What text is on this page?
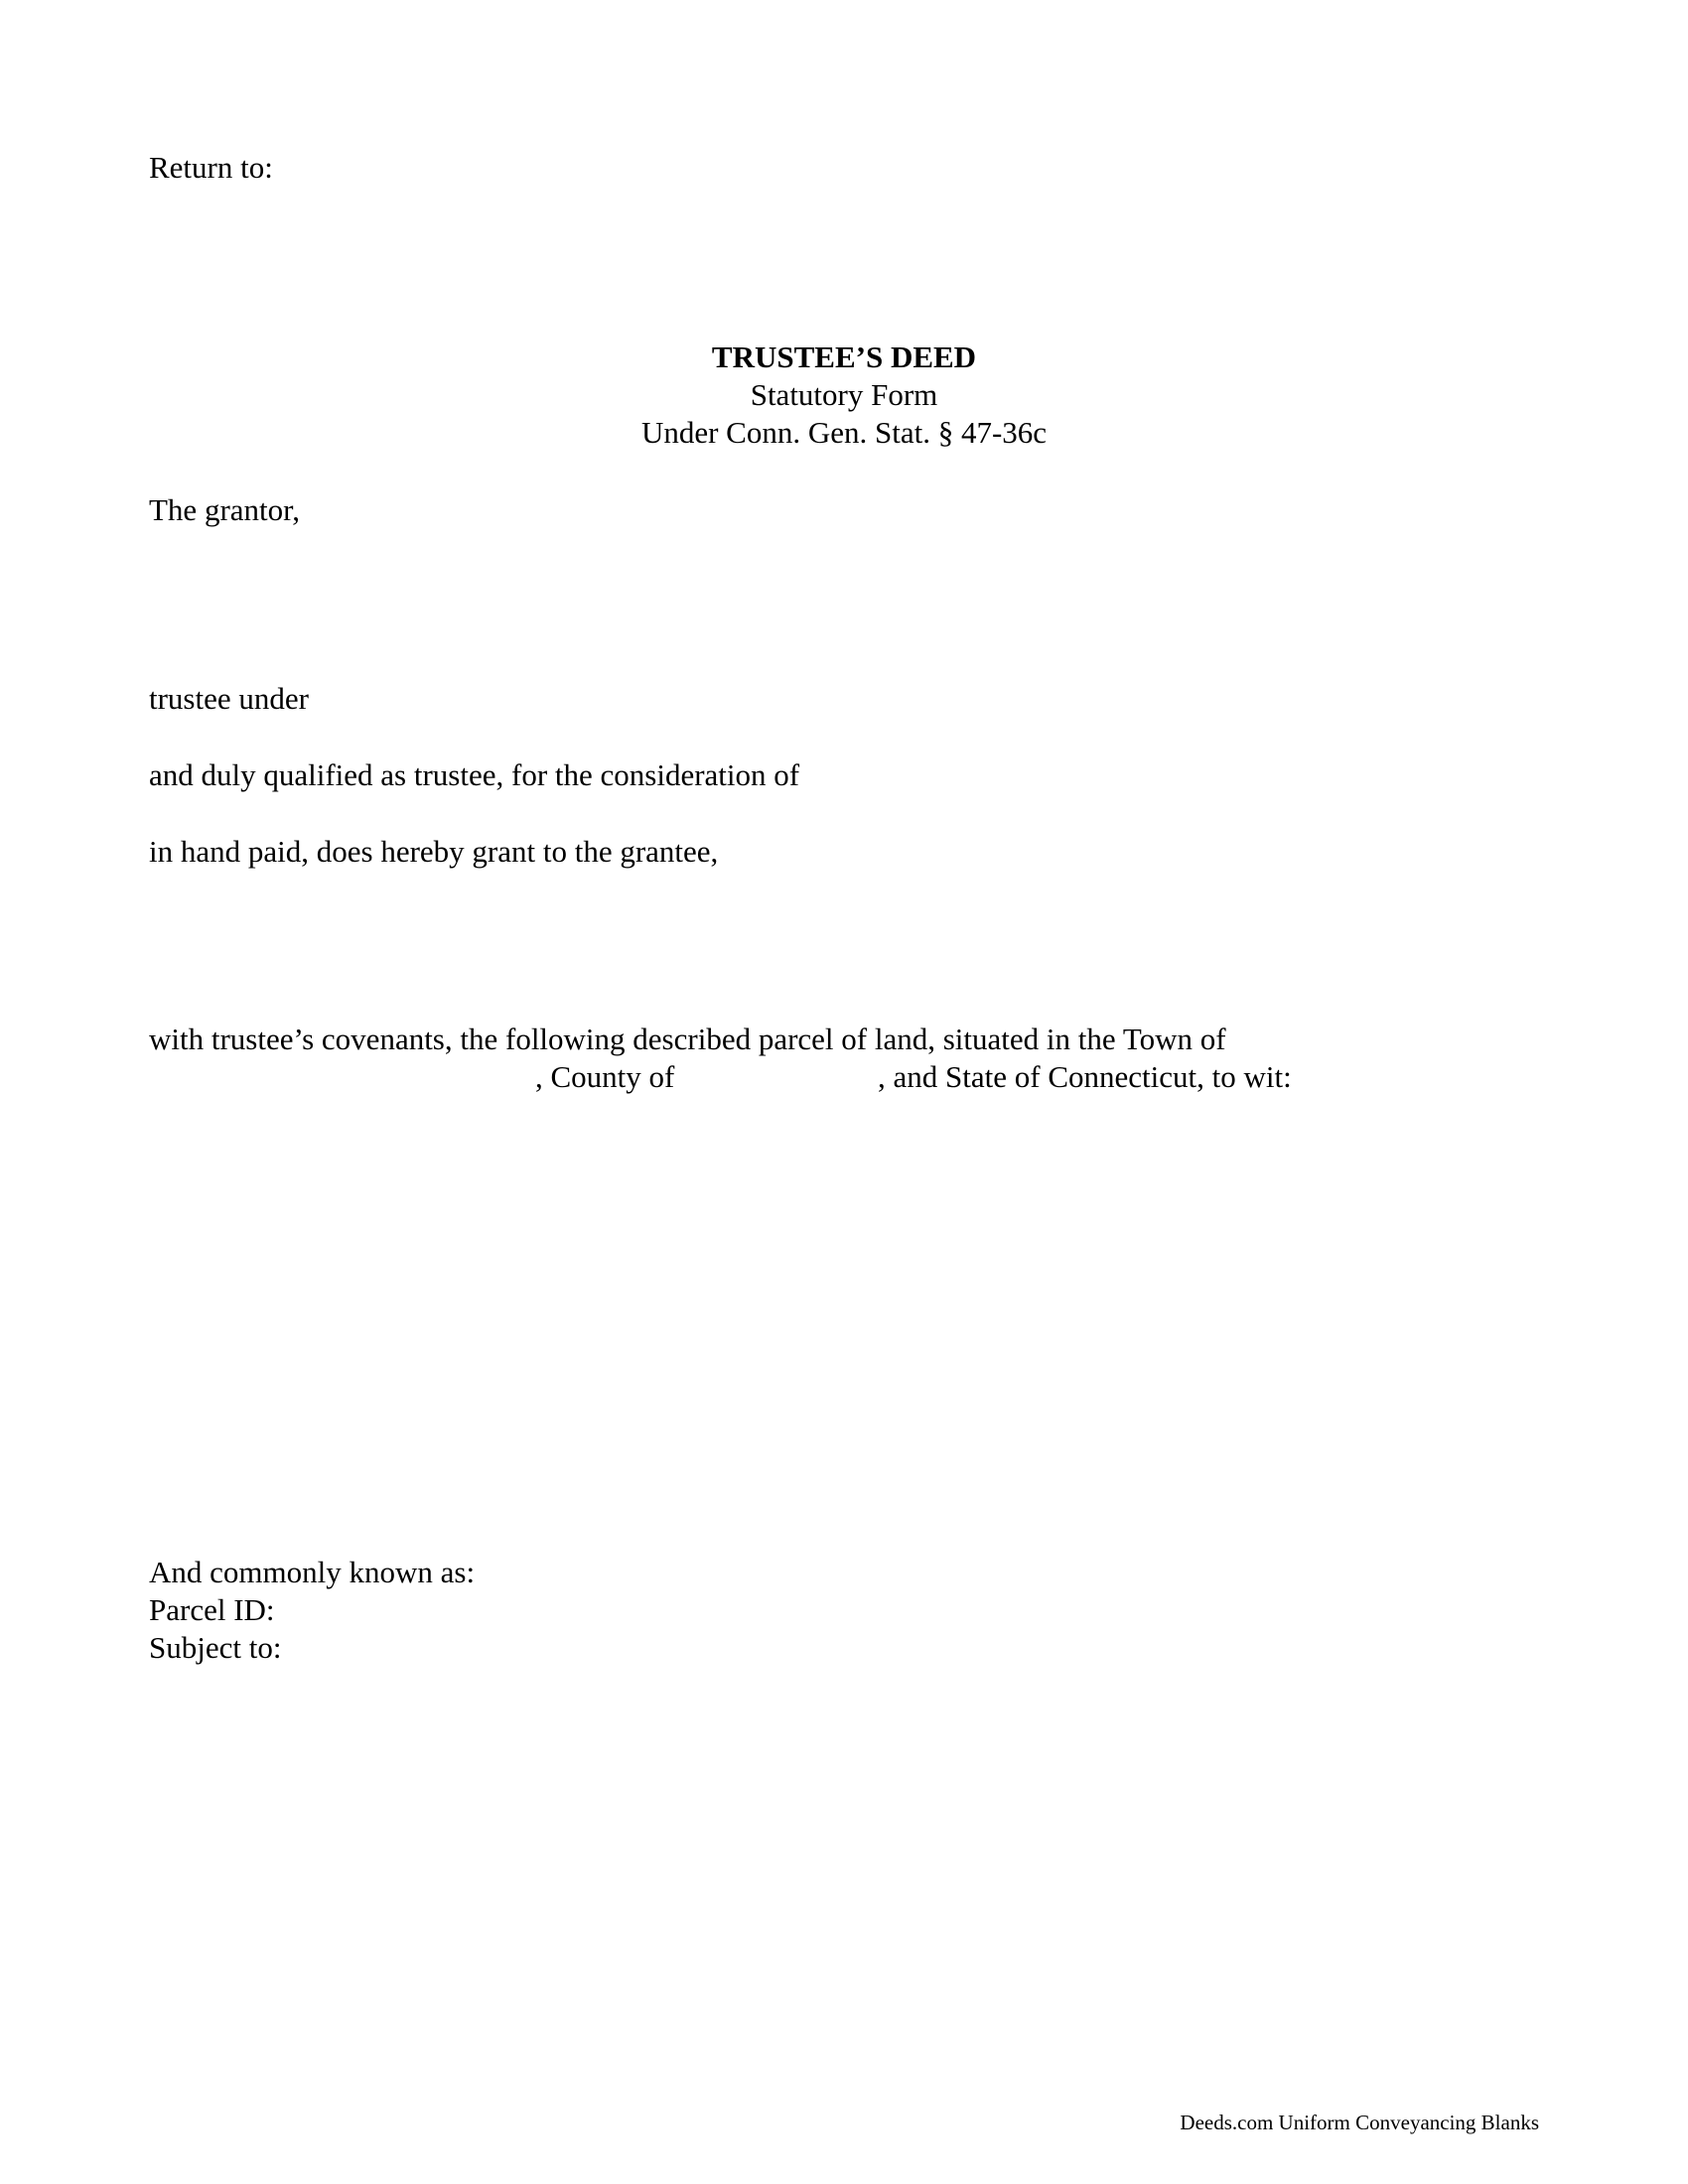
Return to:
TRUSTEE’S DEED
Statutory Form
Under Conn. Gen. Stat. § 47-36c
The grantor,
trustee under
and duly qualified as trustee, for the consideration of
in hand paid, does hereby grant to the grantee,
with trustee’s covenants, the following described parcel of land, situated in the Town of
, County of	, and State of Connecticut, to wit:
And commonly known as:
Parcel ID:
Subject to:
Deeds.com Uniform Conveyancing Blanks
